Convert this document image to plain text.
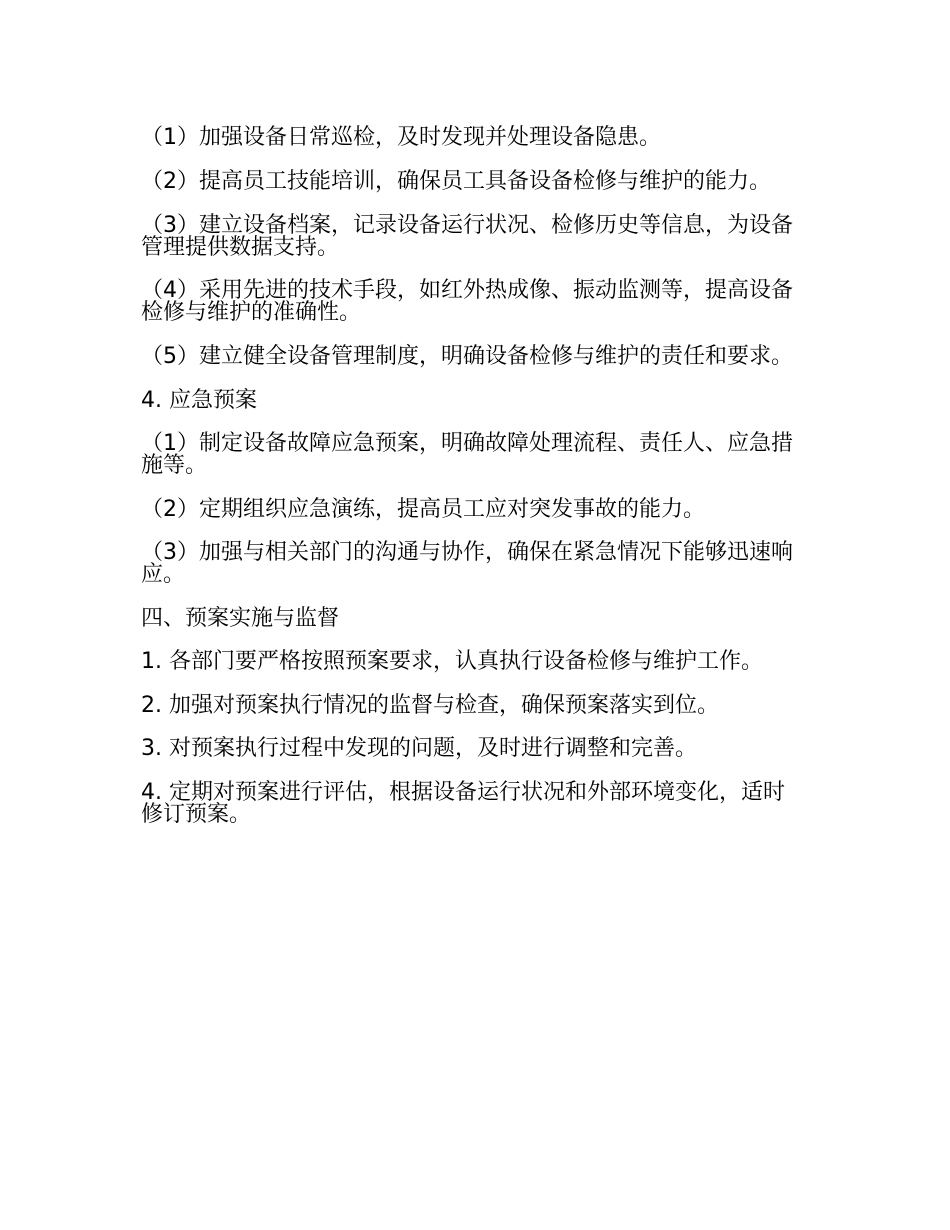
（1）加强设备日常巡检，及时发现并处理设备隐患。

（2）提高员工技能培训，确保员工具备设备检修与维护的能力。

（3）建立设备档案，记录设备运行状况、检修历史等信息，为设备管理提供数据支持。

（4）采用先进的技术手段，如红外热成像、振动监测等，提高设备检修与维护的准确性。

（5）建立健全设备管理制度，明确设备检修与维护的责任和要求。

4. 应急预案

（1）制定设备故障应急预案，明确故障处理流程、责任人、应急措施等。

（2）定期组织应急演练，提高员工应对突发事故的能力。

（3）加强与相关部门的沟通与协作，确保在紧急情况下能够迅速响应。

四、预案实施与监督

1. 各部门要严格按照预案要求，认真执行设备检修与维护工作。

2. 加强对预案执行情况的监督与检查，确保预案落实到位。

3. 对预案执行过程中发现的问题，及时进行调整和完善。

4. 定期对预案进行评估，根据设备运行状况和外部环境变化，适时修订预案。
